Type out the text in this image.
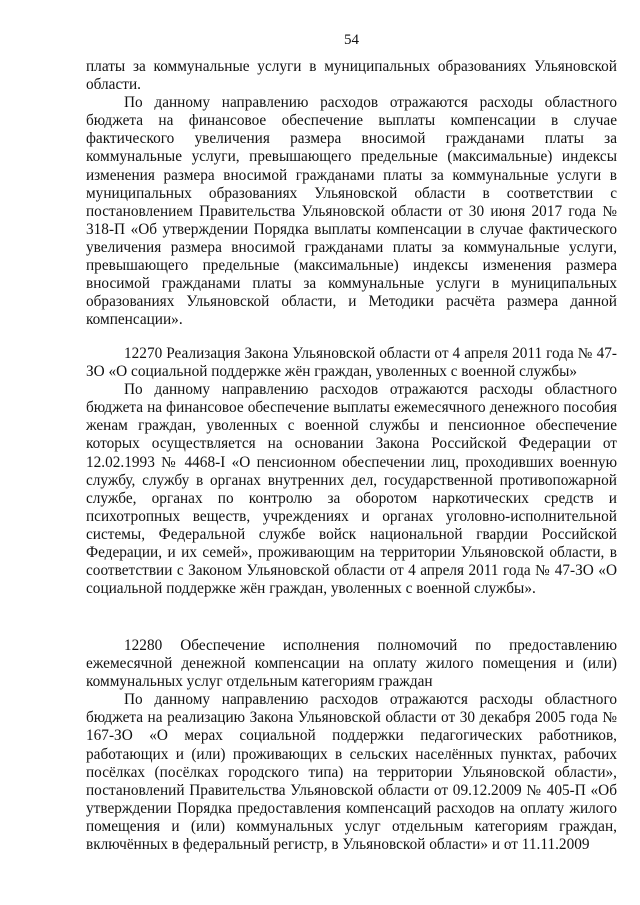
54

платы за коммунальные услуги в муниципальных образованиях Ульяновской области.

По данному направлению расходов отражаются расходы областного бюджета на финансовое обеспечение выплаты компенсации в случае фактического увеличения размера вносимой гражданами платы за коммунальные услуги, превышающего предельные (максимальные) индексы изменения размера вносимой гражданами платы за коммунальные услуги в муниципальных образованиях Ульяновской области в соответствии с постановлением Правительства Ульяновской области от 30 июня 2017 года № 318-П «Об утверждении Порядка выплаты компенсации в случае фактического увеличения размера вносимой гражданами платы за коммунальные услуги, превышающего предельные (максимальные) индексы изменения размера вносимой гражданами платы за коммунальные услуги в муниципальных образованиях Ульяновской области, и Методики расчёта размера данной компенсации».

12270 Реализация Закона Ульяновской области от 4 апреля 2011 года № 47-ЗО «О социальной поддержке жён граждан, уволенных с военной службы»

По данному направлению расходов отражаются расходы областного бюджета на финансовое обеспечение выплаты ежемесячного денежного пособия женам граждан, уволенных с военной службы и пенсионное обеспечение которых осуществляется на основании Закона Российской Федерации от 12.02.1993 № 4468-I «О пенсионном обеспечении лиц, проходивших военную службу, службу в органах внутренних дел, государственной противопожарной службе, органах по контролю за оборотом наркотических средств и психотропных веществ, учреждениях и органах уголовно-исполнительной системы, Федеральной службе войск национальной гвардии Российской Федерации, и их семей», проживающим на территории Ульяновской области, в соответствии с Законом Ульяновской области от 4 апреля 2011 года № 47-ЗО «О социальной поддержке жён граждан, уволенных с военной службы».

12280 Обеспечение исполнения полномочий по предоставлению ежемесячной денежной компенсации на оплату жилого помещения и (или) коммунальных услуг отдельным категориям граждан

По данному направлению расходов отражаются расходы областного бюджета на реализацию Закона Ульяновской области от 30 декабря 2005 года № 167-ЗО «О мерах социальной поддержки педагогических работников, работающих и (или) проживающих в сельских населённых пунктах, рабочих посёлках (посёлках городского типа) на территории Ульяновской области», постановлений Правительства Ульяновской области от 09.12.2009 № 405-П «Об утверждении Порядка предоставления компенсаций расходов на оплату жилого помещения и (или) коммунальных услуг отдельным категориям граждан, включённых в федеральный регистр, в Ульяновской области» и от 11.11.2009
